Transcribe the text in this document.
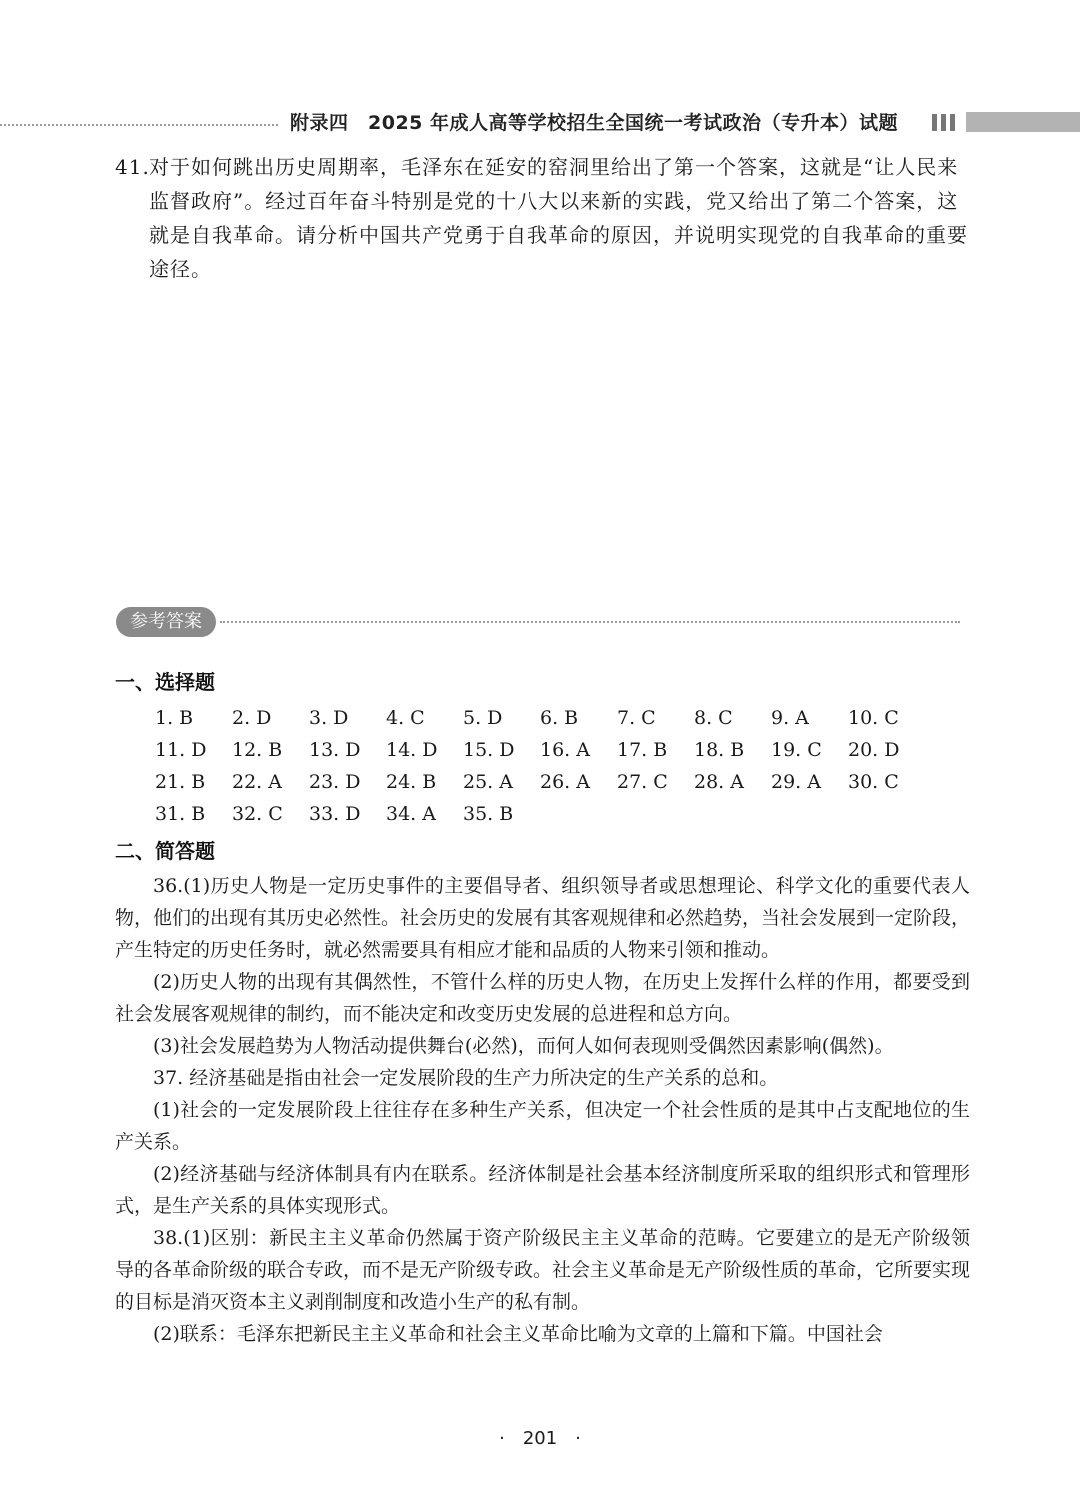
附录四　2025 年成人高等学校招生全国统一考试政治（专升本）试题
41. 对于如何跳出历史周期率，毛泽东在延安的窑洞里给出了第一个答案，这就是“让人民来监督政府”。经过百年奋斗特别是党的十八大以来新的实践，党又给出了第二个答案，这就是自我革命。请分析中国共产党勇于自我革命的原因，并说明实现党的自我革命的重要途径。
参考答案
一、选择题
1. B	2. D	3. D	4. C	5. D	6. B	7. C	8. C	9. A	10. C
11. D	12. B	13. D	14. D	15. D	16. A	17. B	18. B	19. C	20. D
21. B	22. A	23. D	24. B	25. A	26. A	27. C	28. A	29. A	30. C
31. B	32. C	33. D	34. A	35. B
二、简答题

36.(1)历史人物是一定历史事件的主要倡导者、组织领导者或思想理论、科学文化的重要代表人物，他们的出现有其历史必然性。社会历史的发展有其客观规律和必然趋势，当社会发展到一定阶段，产生特定的历史任务时，就必然需要具有相应才能和品质的人物来引领和推动。

(2)历史人物的出现有其偶然性，不管什么样的历史人物，在历史上发挥什么样的作用，都要受到社会发展客观规律的制约，而不能决定和改变历史发展的总进程和总方向。

(3)社会发展趋势为人物活动提供舞台(必然)，而何人如何表现则受偶然因素影响(偶然)。

37. 经济基础是指由社会一定发展阶段的生产力所决定的生产关系的总和。

(1)社会的一定发展阶段上往往存在多种生产关系，但决定一个社会性质的是其中占支配地位的生产关系。

(2)经济基础与经济体制具有内在联系。经济体制是社会基本经济制度所采取的组织形式和管理形式，是生产关系的具体实现形式。

38.(1)区别：新民主主义革命仍然属于资产阶级民主主义革命的范畴。它要建立的是无产阶级领导的各革命阶级的联合专政，而不是无产阶级专政。社会主义革命是无产阶级性质的革命，它所要实现的目标是消灭资本主义剥削制度和改造小生产的私有制。

(2)联系：毛泽东把新民主主义革命和社会主义革命比喻为文章的上篇和下篇。中国社会

·　201　·
